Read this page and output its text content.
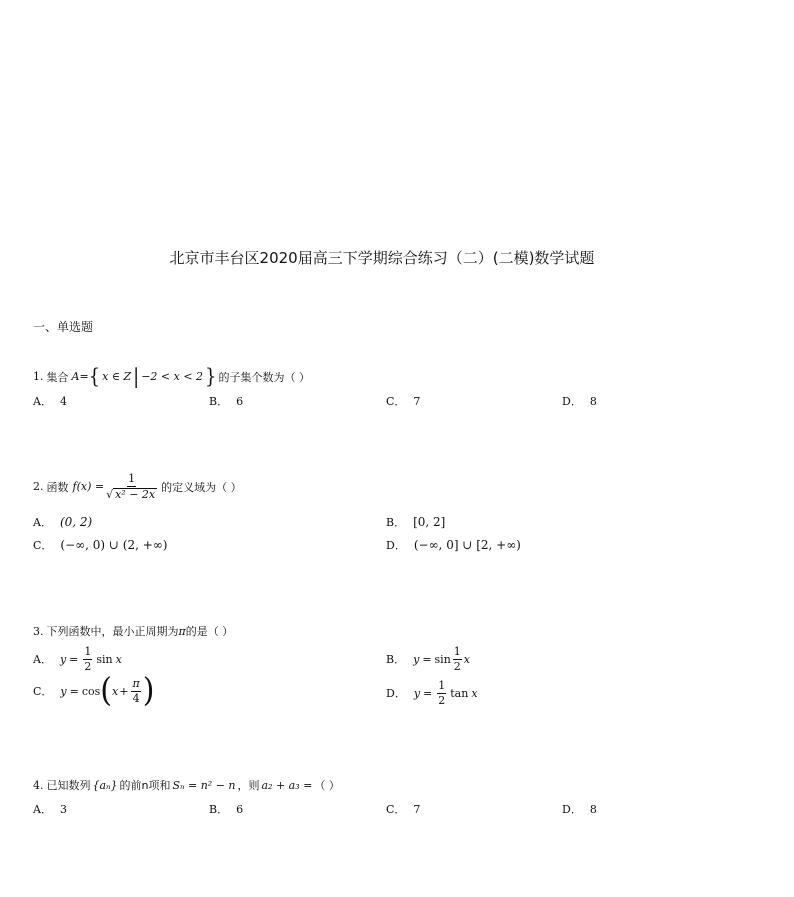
北京市丰台区2020届高三下学期综合练习（二）(二模)数学试题
一、单选题
1. 集合 A = { x ∈ Z | −2 < x < 2 } 的子集个数为（ ）
A． 4	B． 6	C． 7	D． 8
2. 函数 $f(x) = \frac{1}{\text{√ x² − 2x}}$ 的定义域为（ ）
A． (0, 2)	B． [0, 2]
C． (−∞, 0) ∪ (2, +∞)	D． (−∞, 0] ∪ [2, +∞)
3. 下列函数中，最小正周期为 π 的是（ ）
A． $y = \frac{1}{2}$ sin x	B． $y = \sin \frac{1}{2}$ x
C． y = cos ( $x + \frac{\pi}{4}$ )	D． $y = \frac{1}{2}$ tan x
4. 已知数列 {aₙ} 的前n项和 Sₙ = n² − n ，则 a₂ + a₃ = （ ）
A． 3	B． 6	C． 7	D． 8
